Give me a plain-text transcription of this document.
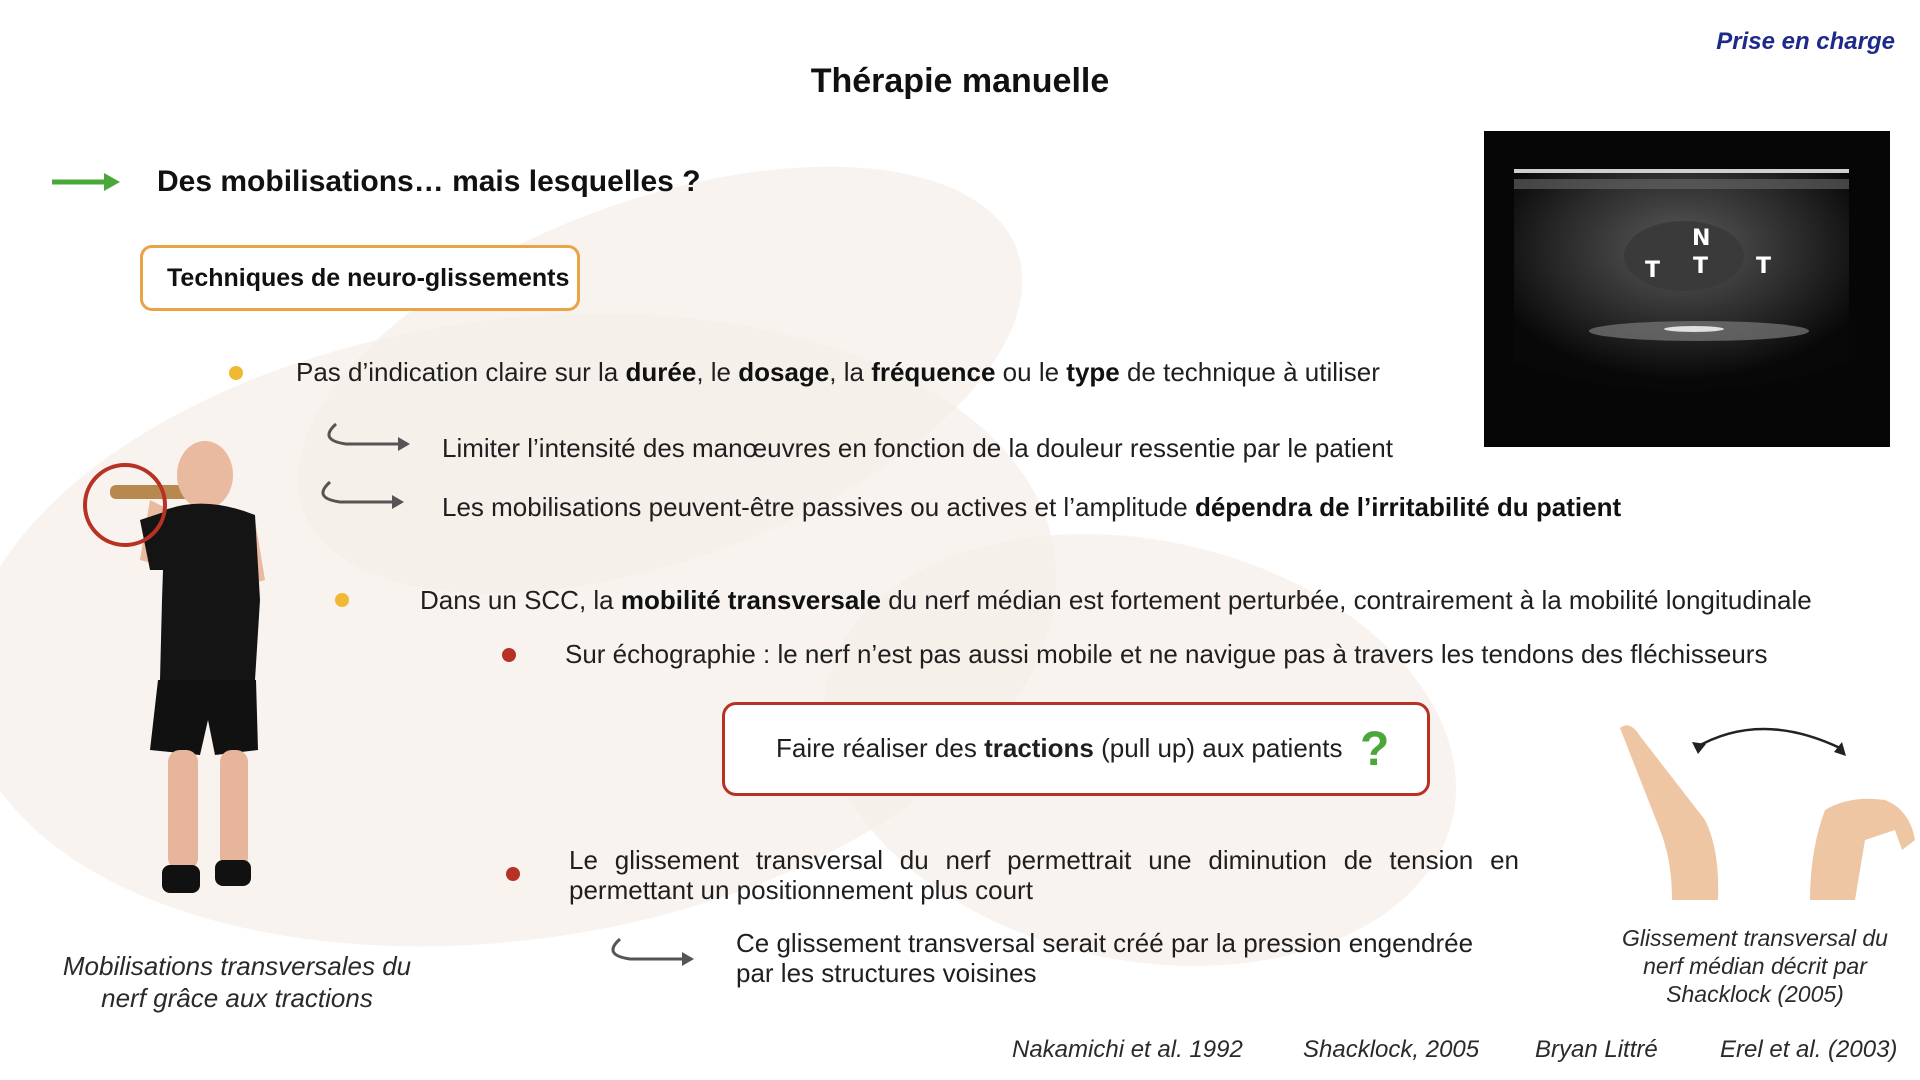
Prise en charge
Thérapie manuelle
Des mobilisations… mais lesquelles ?
Techniques de neuro-glissements
Pas d’indication claire sur la durée, le dosage, la fréquence ou le type de technique à utiliser
Limiter l’intensité des manœuvres en fonction de la douleur ressentie par le patient
Les mobilisations peuvent-être passives ou actives et l’amplitude dépendra de l’irritabilité du patient
Dans un SCC, la mobilité transversale du nerf médian est fortement perturbée, contrairement à la mobilité longitudinale
Sur échographie : le nerf n’est pas aussi mobile et ne navigue pas à travers les tendons des fléchisseurs
Faire réaliser des tractions (pull up) aux patients ?
Le glissement transversal du nerf permettrait une diminution de tension en permettant un positionnement plus court
Ce glissement transversal serait créé par la pression engendrée par les structures voisines
Mobilisations transversales du nerf grâce aux tractions
N
T T T
Glissement transversal du nerf médian décrit par Shacklock (2005)
Nakamichi et al. 1992	Shacklock, 2005 Bryan Littré	Erel et al. (2003)
